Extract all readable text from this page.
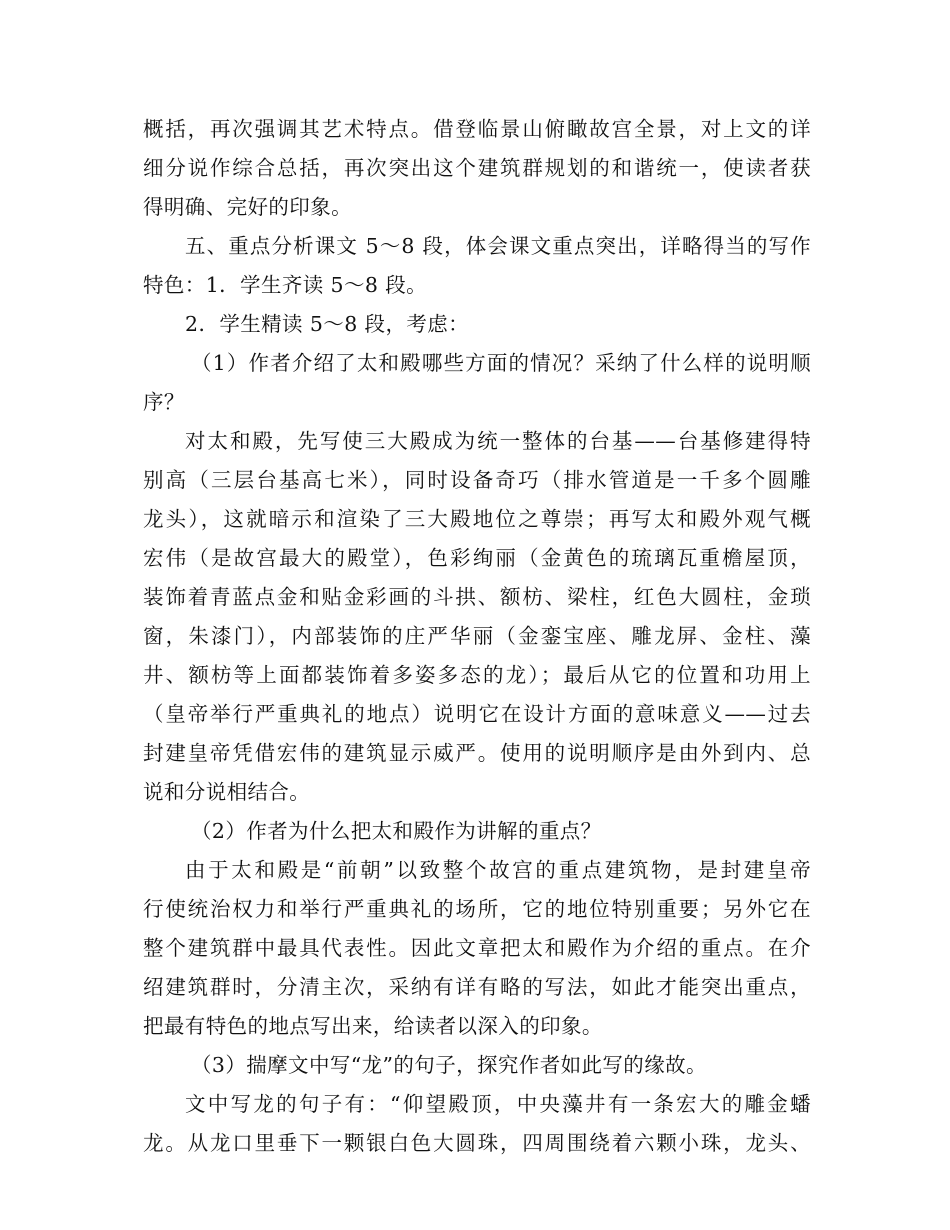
概括，再次强调其艺术特点。借登临景山俯瞰故宫全景，对上文的详
细分说作综合总括，再次突出这个建筑群规划的和谐统一，使读者获
得明确、完好的印象。
五、重点分析课文 5～8 段，体会课文重点突出，详略得当的写作
特色：1．学生齐读 5～8 段。
2．学生精读 5～8 段，考虑：
（1）作者介绍了太和殿哪些方面的情况？采纳了什么样的说明顺
序？
对太和殿，先写使三大殿成为统一整体的台基——台基修建得特
别高（三层台基高七米），同时设备奇巧（排水管道是一千多个圆雕
龙头），这就暗示和渲染了三大殿地位之尊崇；再写太和殿外观气概
宏伟（是故宫最大的殿堂），色彩绚丽（金黄色的琉璃瓦重檐屋顶，
装饰着青蓝点金和贴金彩画的斗拱、额枋、梁柱，红色大圆柱，金琐
窗，朱漆门），内部装饰的庄严华丽（金銮宝座、雕龙屏、金柱、藻
井、额枋等上面都装饰着多姿多态的龙）；最后从它的位置和功用上
（皇帝举行严重典礼的地点）说明它在设计方面的意味意义——过去
封建皇帝凭借宏伟的建筑显示威严。使用的说明顺序是由外到内、总
说和分说相结合。
（2）作者为什么把太和殿作为讲解的重点？
由于太和殿是“前朝”以致整个故宫的重点建筑物，是封建皇帝
行使统治权力和举行严重典礼的场所，它的地位特别重要；另外它在
整个建筑群中最具代表性。因此文章把太和殿作为介绍的重点。在介
绍建筑群时，分清主次，采纳有详有略的写法，如此才能突出重点，
把最有特色的地点写出来，给读者以深入的印象。
（3）揣摩文中写“龙”的句子，探究作者如此写的缘故。
文中写龙的句子有：“仰望殿顶，中央藻井有一条宏大的雕金蟠
龙。从龙口里垂下一颗银白色大圆珠，四周围绕着六颗小珠，龙头、
